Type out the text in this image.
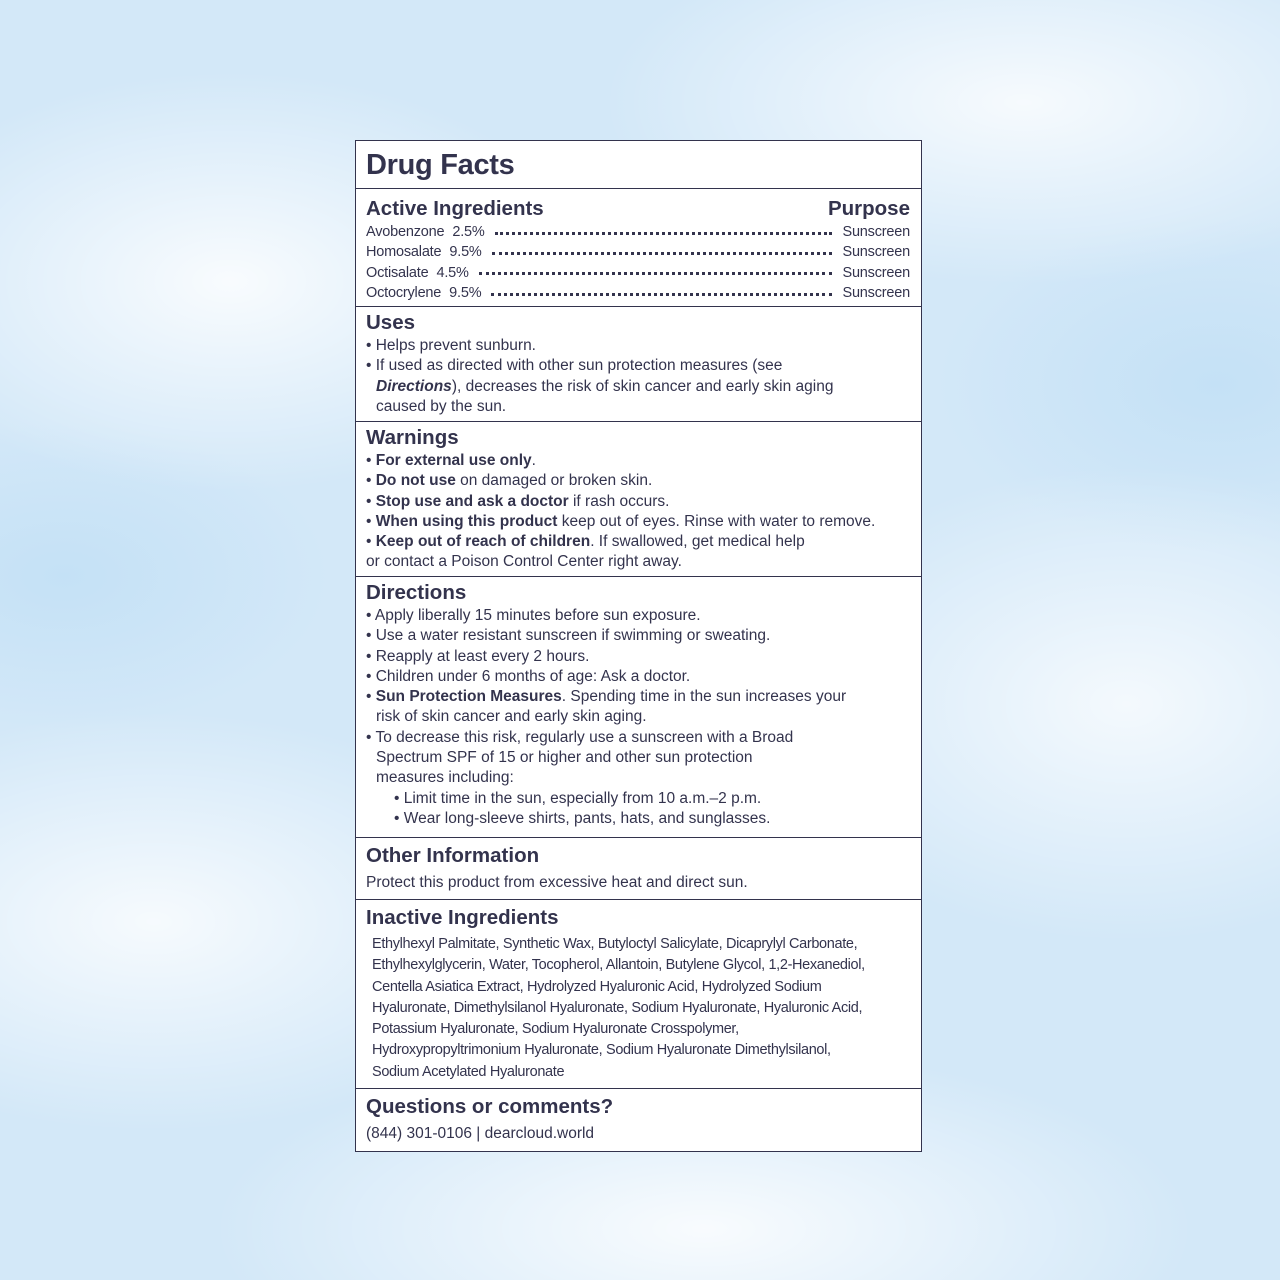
Drug Facts
Active Ingredients	Purpose
Avobenzone 2.5%	Sunscreen
Homosalate 9.5%	Sunscreen
Octisalate 4.5%	Sunscreen
Octocrylene 9.5%	Sunscreen
Uses
• Helps prevent sunburn.
• If used as directed with other sun protection measures (see
Directions), decreases the risk of skin cancer and early skin aging
caused by the sun.
Warnings
• For external use only.
• Do not use on damaged or broken skin.
• Stop use and ask a doctor if rash occurs.
• When using this product keep out of eyes. Rinse with water to remove.
• Keep out of reach of children. If swallowed, get medical help
or contact a Poison Control Center right away.
Directions
• Apply liberally 15 minutes before sun exposure.
• Use a water resistant sunscreen if swimming or sweating.
• Reapply at least every 2 hours.
• Children under 6 months of age: Ask a doctor.
• Sun Protection Measures. Spending time in the sun increases your
risk of skin cancer and early skin aging.
• To decrease this risk, regularly use a sunscreen with a Broad
Spectrum SPF of 15 or higher and other sun protection
measures including:
• Limit time in the sun, especially from 10 a.m.–2 p.m.
• Wear long-sleeve shirts, pants, hats, and sunglasses.
Other Information
Protect this product from excessive heat and direct sun.
Inactive Ingredients
Ethylhexyl Palmitate, Synthetic Wax, Butyloctyl Salicylate, Dicaprylyl Carbonate,
Ethylhexylglycerin, Water, Tocopherol, Allantoin, Butylene Glycol, 1,2-Hexanediol,
Centella Asiatica Extract, Hydrolyzed Hyaluronic Acid, Hydrolyzed Sodium
Hyaluronate, Dimethylsilanol Hyaluronate, Sodium Hyaluronate, Hyaluronic Acid,
Potassium Hyaluronate, Sodium Hyaluronate Crosspolymer,
Hydroxypropyltrimonium Hyaluronate, Sodium Hyaluronate Dimethylsilanol,
Sodium Acetylated Hyaluronate
Questions or comments?
(844) 301-0106 | dearcloud.world
